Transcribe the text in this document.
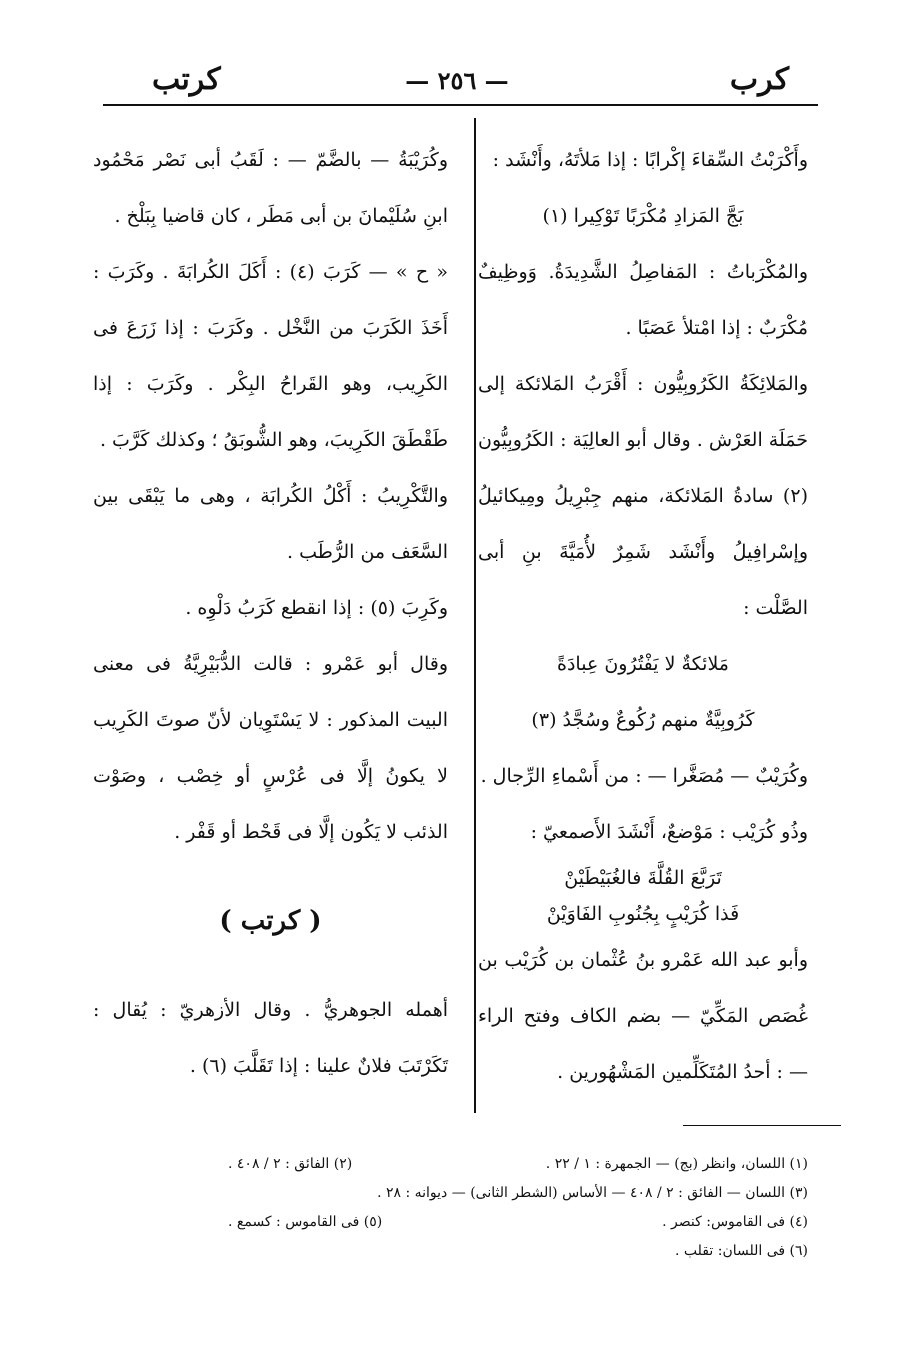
كرب
— ٢٥٦ —
كرتب

وأَكْرَبْتُ السِّقاءَ إكْرابًا : إذا مَلأتَهُ، وأَنْشَد :

بَجَّ المَزادِ مُكْرَبًا تَوْكِيرا (١)

والمُكْرَباتُ : المَفاصِلُ الشَّدِيدَةُ. وَوظِيفٌ مُكْرَبٌ : إذا امْتلأ عَصَبًا .

والمَلائِكَةُ الكَرُوبِيُّون : أَقْرَبُ المَلائكة إلى حَمَلَة العَرْش . وقال أبو العالِيَة : الكَرُوبِيُّون (٢) سادةُ المَلائكة، منهم جِبْرِيلُ ومِيكائيلُ وإسْرافِيلُ وأَنْشَد شَمِرٌ لأُمَيَّةَ بنِ أبى الصَّلْت :

مَلائكةٌ لا يَفْتُرُونَ عِبادَةً

كَرُوبِيَّةٌ منهم رُكُوعٌ وسُجَّدُ (٣)

وكُرَيْبٌ — مُصَغَّرا — : من أَسْماءِ الرِّجال .

وذُو كُرَيْب : مَوْضعٌ، أَنْشَدَ الأَصمعيّ :

تَرَبَّعَ القُلَّةَ فالغُبَيْطَيْنْ

فَذا كُرَيْبٍ بِجُنُوبِ الفَاوَيْنْ

وأبو عبد الله عَمْرو بنُ عُثْمان بن كُرَيْب بن غُصَص المَكِّيّ — بضم الكاف وفتح الراء — : أحدُ المُتَكَلِّمين المَشْهُورين .

وكُرَيْبَةُ — بالضَّمّ — : لَقَبُ أبى نَصْر مَحْمُود ابنِ سُلَيْمانَ بن أبى مَطَر ، كان قاضيا بِبَلْخ .

« ح » — كَرَبَ (٤) : أَكَلَ الكُرابَةَ . وكَرَبَ : أَخَذَ الكَرَبَ من النَّخْل . وكَرَبَ : إذا زَرَعَ فى الكَرِيب، وهو القَراحُ البِكْر . وكَرَبَ : إذا طَقْطَقَ الكَرِيبَ، وهو الشُّوبَقُ ؛ وكذلك كَرَّبَ .

والتَّكْرِيبُ : أَكْلُ الكُرابَة ، وهى ما يَبْقَى بين السَّعَف من الرُّطَب .

وكَرِبَ (٥) : إذا انقطع كَرَبُ دَلْوِه .

وقال أبو عَمْرو : قالت الدُّبَيْرِيَّةُ فى معنى البيت المذكور : لا يَسْتَوِيان لأنّ صوتَ الكَرِيب لا يكونُ إلَّا فى عُرْسٍ أو خِصْب ، وصَوْت الذئب لا يَكُون إلَّا فى قَحْط أو قَفْر .

( كرتب )

أهمله الجوهريُّ . وقال الأزهريّ : يُقال : تَكَرْتَبَ فلانٌ علينا : إذا تَقَلَّبَ (٦) .

(١) اللسان، وانظر (بج) — الجمهرة : ١ / ٢٢ .
(٢) الفائق : ٢ / ٤٠٨ .
(٣) اللسان — الفائق : ٢ / ٤٠٨ — الأساس (الشطر الثانى) — ديوانه : ٢٨ .
(٤) فى القاموس: كنصر .
(٥) فى القاموس : كسمع .
(٦) فى اللسان: تقلب .
